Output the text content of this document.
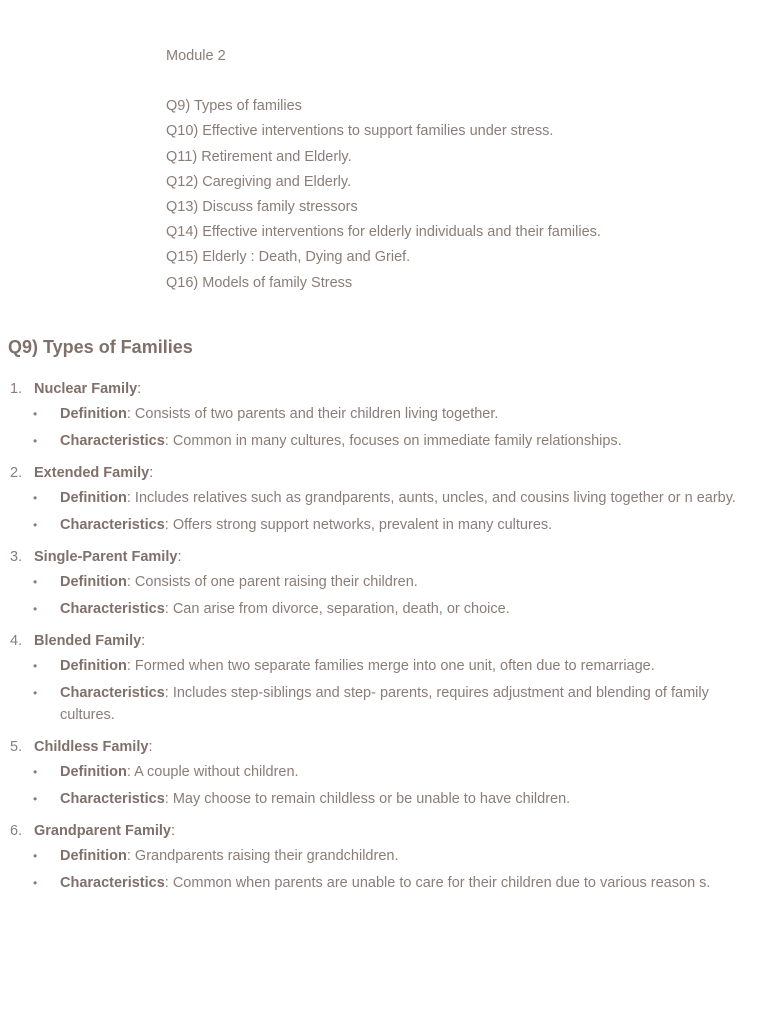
Module 2
Q9) Types of families
Q10) Effective interventions to support families under stress.
Q11) Retirement and Elderly.
Q12) Caregiving and Elderly.
Q13) Discuss family stressors
Q14) Effective interventions for elderly individuals and their families.
Q15) Elderly : Death, Dying and Grief.
Q16) Models of family Stress
Q9) Types of Families
1. Nuclear Family:
• Definition: Consists of two parents and their children living together.
• Characteristics: Common in many cultures, focuses on immediate family relationships.
2. Extended Family:
• Definition: Includes relatives such as grandparents, aunts, uncles, and cousins living together or n earby.
• Characteristics: Offers strong support networks, prevalent in many cultures.
3. Single-Parent Family:
• Definition: Consists of one parent raising their children.
• Characteristics: Can arise from divorce, separation, death, or choice.
4. Blended Family:
• Definition: Formed when two separate families merge into one unit, often due to remarriage.
• Characteristics: Includes step-siblings and step- parents, requires adjustment and blending of family cultures.
5. Childless Family:
• Definition: A couple without children.
• Characteristics: May choose to remain childless or be unable to have children.
6. Grandparent Family:
• Definition: Grandparents raising their grandchildren.
• Characteristics: Common when parents are unable to care for their children due to various reason s.
